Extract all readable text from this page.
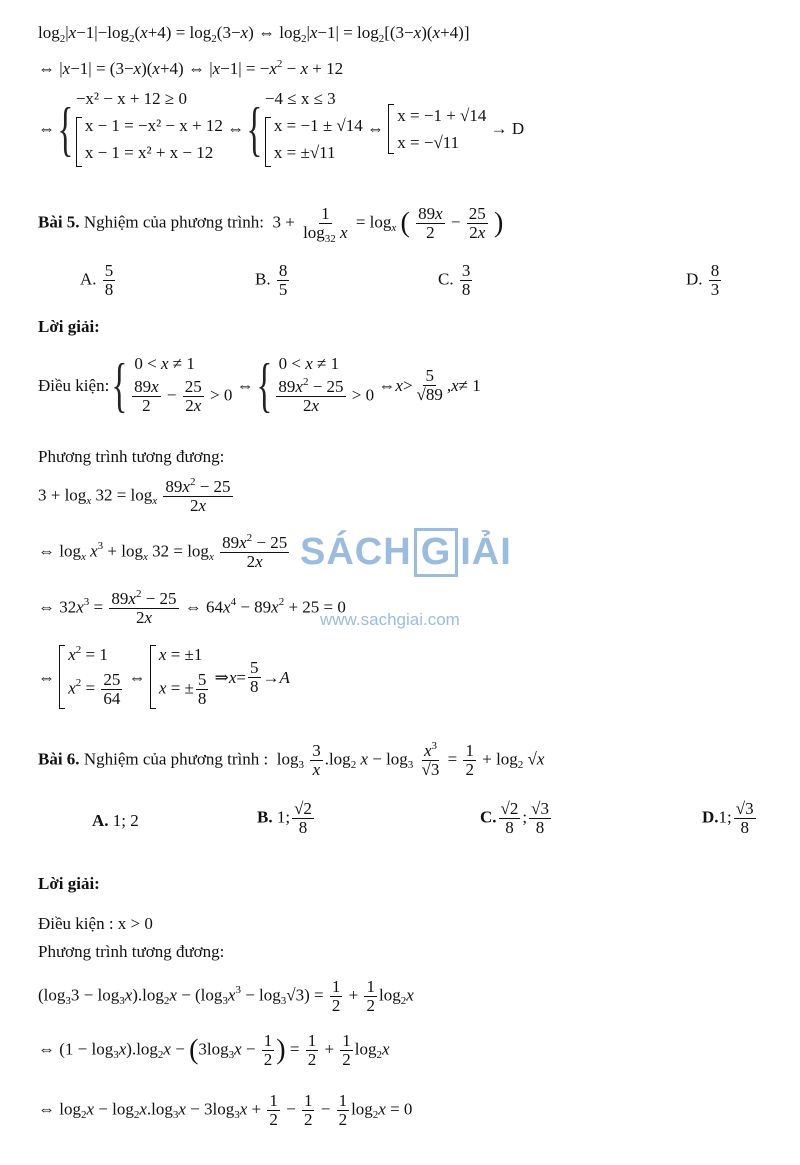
$\log_2|x-1|-\log_2(x+4) = \log_2(3-x)$ ⇔ $\log_2|x-1| = \log_2[(3-x)(x+4)]$
⇔ |x−1| = (3−x)(x+4) ⇔ $|x-1| = -x^2 - x + 12$
⇔ { −x² − x + 12 ≥ 0
x − 1 = −x² − x + 12
x − 1 = x² + x − 12
⇔ { −4 ≤ x ≤ 3
x = −1 ± √14
x = ±√11
⇔
x = −1 + √14
x = −√11

→ D
Bài 5. Nghiệm của phương trình:  $3 + \frac{1}{\log_{32} x} = \log_x$ ( $\frac{89x}{2} - \frac{25}{2x}$ )
A. $\frac{5}{8}$	B. $\frac{8}{5}$	C. $\frac{3}{8}$	D. $\frac{8}{3}$
Lời giải:
Điều kiện: { 0 < x ≠ 1
$\frac{89x}{2} - \frac{25}{2x} > 0$
⇔ { 0 < x ≠ 1
$\frac{89x^2 - 25}{2x} > 0$
⇔ $x > \frac{5}{√89}$ , x ≠ 1
Phương trình tương đương:
$3 + \log_x 32 = \log_x \frac{89x^2 - 25}{2x}$
⇔ $\log_x x^3 + \log_x 32 = \log_x \frac{89x^2 - 25}{2x}$
⇔ $32x^3 = \frac{89x^2 - 25}{2x}$ ⇔ $64x^4 - 89x^2 + 25 = 0$
⇔
$x^2 = 1$
$x^2 = \frac{25}{64}$ ⇔
x = ±1
x = ± $\frac{5}{8}$ ⇒ $x = \frac{5}{8} \to A$
SÁCH G IẢI
www.sachgiai.com
Bài 6. Nghiệm của phương trình :  $\log_3 \frac{3}{x} .\log_2$ $x - \log_3 \frac{x^3}{√3} = \frac{1}{2} + \log_2 √x$
A. 1; 2	B. 1; $\frac{√2}{8}$	C. $\frac{√2}{8}$ ; $\frac{√3}{8}$	D.1; $\frac{√3}{8}$
Lời giải:
Điều kiện : x > 0
Phương trình tương đương:
$(\log_33 - \log_3x).\log_2x - (\log_3x^3 - \log_3√3) = \frac{1}{2} + \frac{1}{2} \log_2x$
⇔ $(1 - \log_3x).\log_2x - (3\log_3x - \frac{1}{2}$ ) = $\frac{1}{2} + \frac{1}{2} \log_2x$
⇔ $\log_2x - \log_2x.\log_3x - 3\log_3x + \frac{1}{2} - \frac{1}{2} - \frac{1}{2} \log_2x = 0$
